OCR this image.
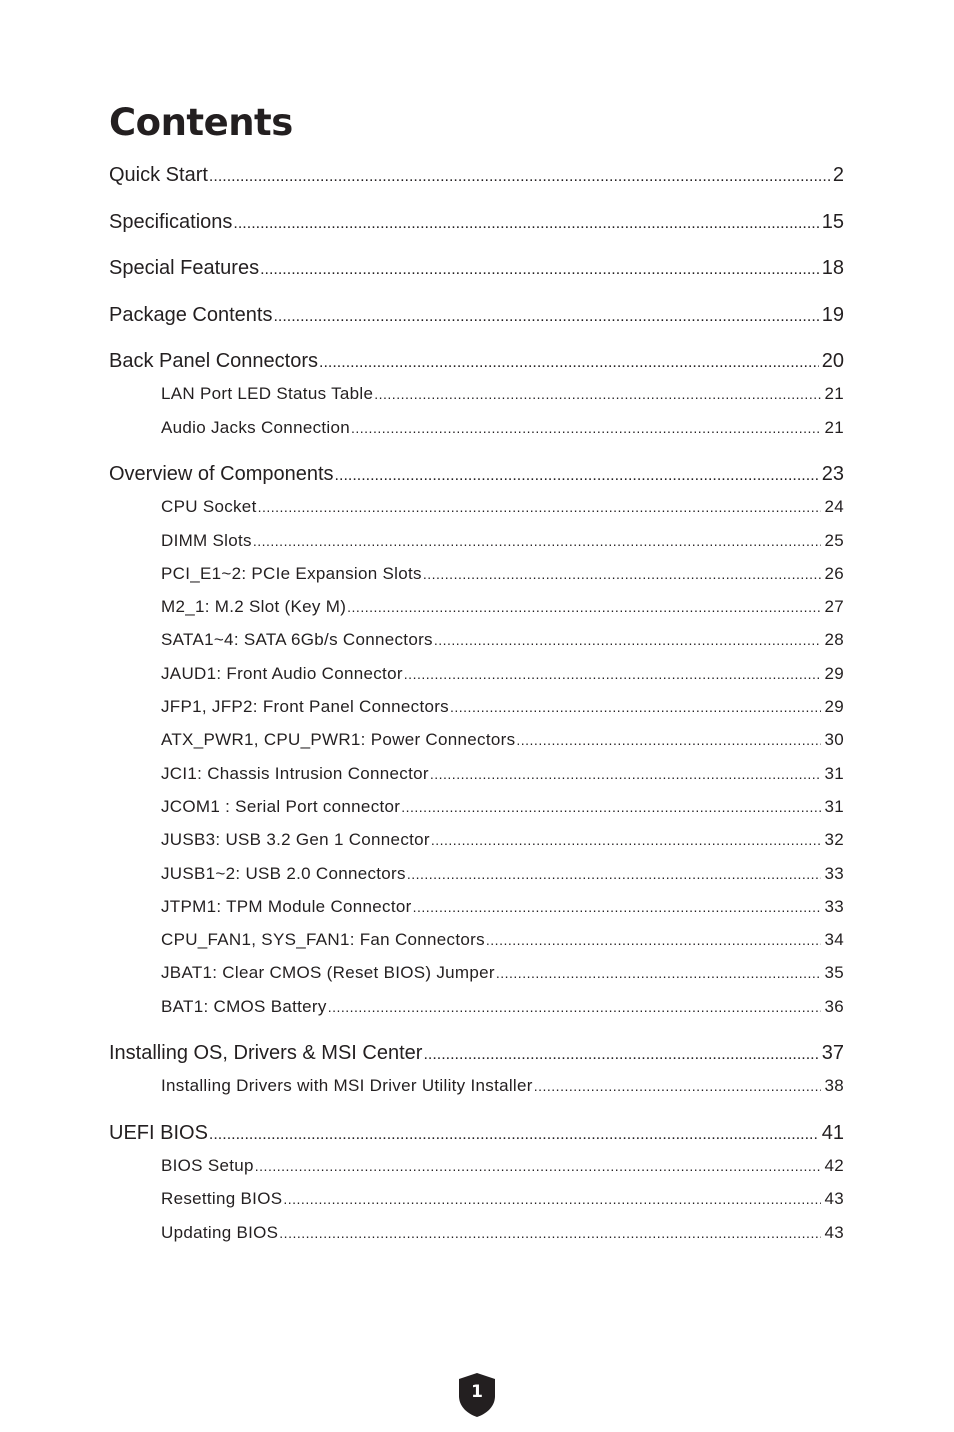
Contents
Quick Start .....	2
Specifications .....	15
Special Features .....	18
Package Contents .....	19
Back Panel Connectors .....	20
LAN Port LED Status Table .....	21
Audio Jacks Connection .....	21
Overview of Components .....	23
CPU Socket .....	24
DIMM Slots .....	25
PCI_E1~2: PCIe Expansion Slots .....	26
M2_1: M.2 Slot (Key M) .....	27
SATA1~4: SATA 6Gb/s Connectors .....	28
JAUD1: Front Audio Connector .....	29
JFP1, JFP2: Front Panel Connectors .....	29
ATX_PWR1, CPU_PWR1: Power Connectors .....	30
JCI1: Chassis Intrusion Connector .....	31
JCOM1 : Serial Port connector .....	31
JUSB3: USB 3.2 Gen 1 Connector .....	32
JUSB1~2: USB 2.0 Connectors .....	33
JTPM1: TPM Module Connector .....	33
CPU_FAN1, SYS_FAN1: Fan Connectors .....	34
JBAT1: Clear CMOS (Reset BIOS) Jumper .....	35
BAT1: CMOS Battery .....	36
Installing OS, Drivers & MSI Center .....	37
Installing Drivers with MSI Driver Utility Installer .....	38
UEFI BIOS .....	41
BIOS Setup .....	42
Resetting BIOS .....	43
Updating BIOS .....	43
1
